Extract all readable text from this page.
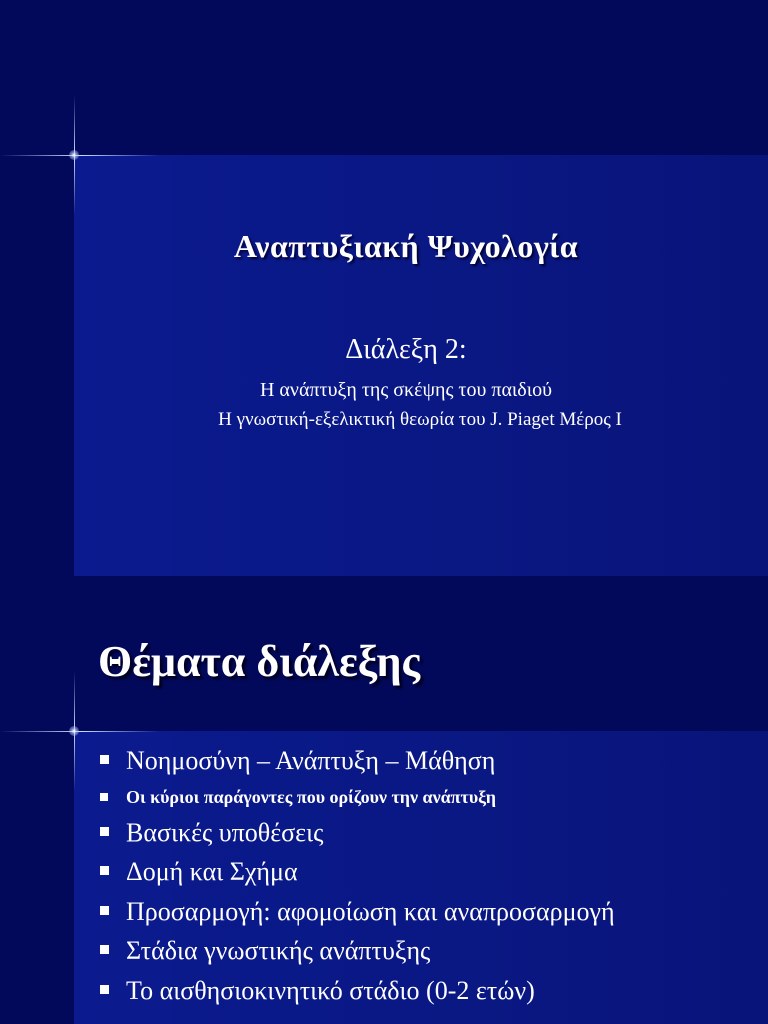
Αναπτυξιακή Ψυχολογία
Διάλεξη 2:
Η ανάπτυξη της σκέψης του παιδιού
Η γνωστική-εξελικτική θεωρία του J. Piaget Μέρος I
Θέματα διάλεξης
Νοημοσύνη – Ανάπτυξη – Μάθηση
Οι κύριοι παράγοντες που ορίζουν την ανάπτυξη
Βασικές υποθέσεις
Δομή και Σχήμα
Προσαρμογή: αφομοίωση και αναπροσαρμογή
Στάδια γνωστικής ανάπτυξης
Το αισθησιοκινητικό στάδιο (0-2 ετών)
